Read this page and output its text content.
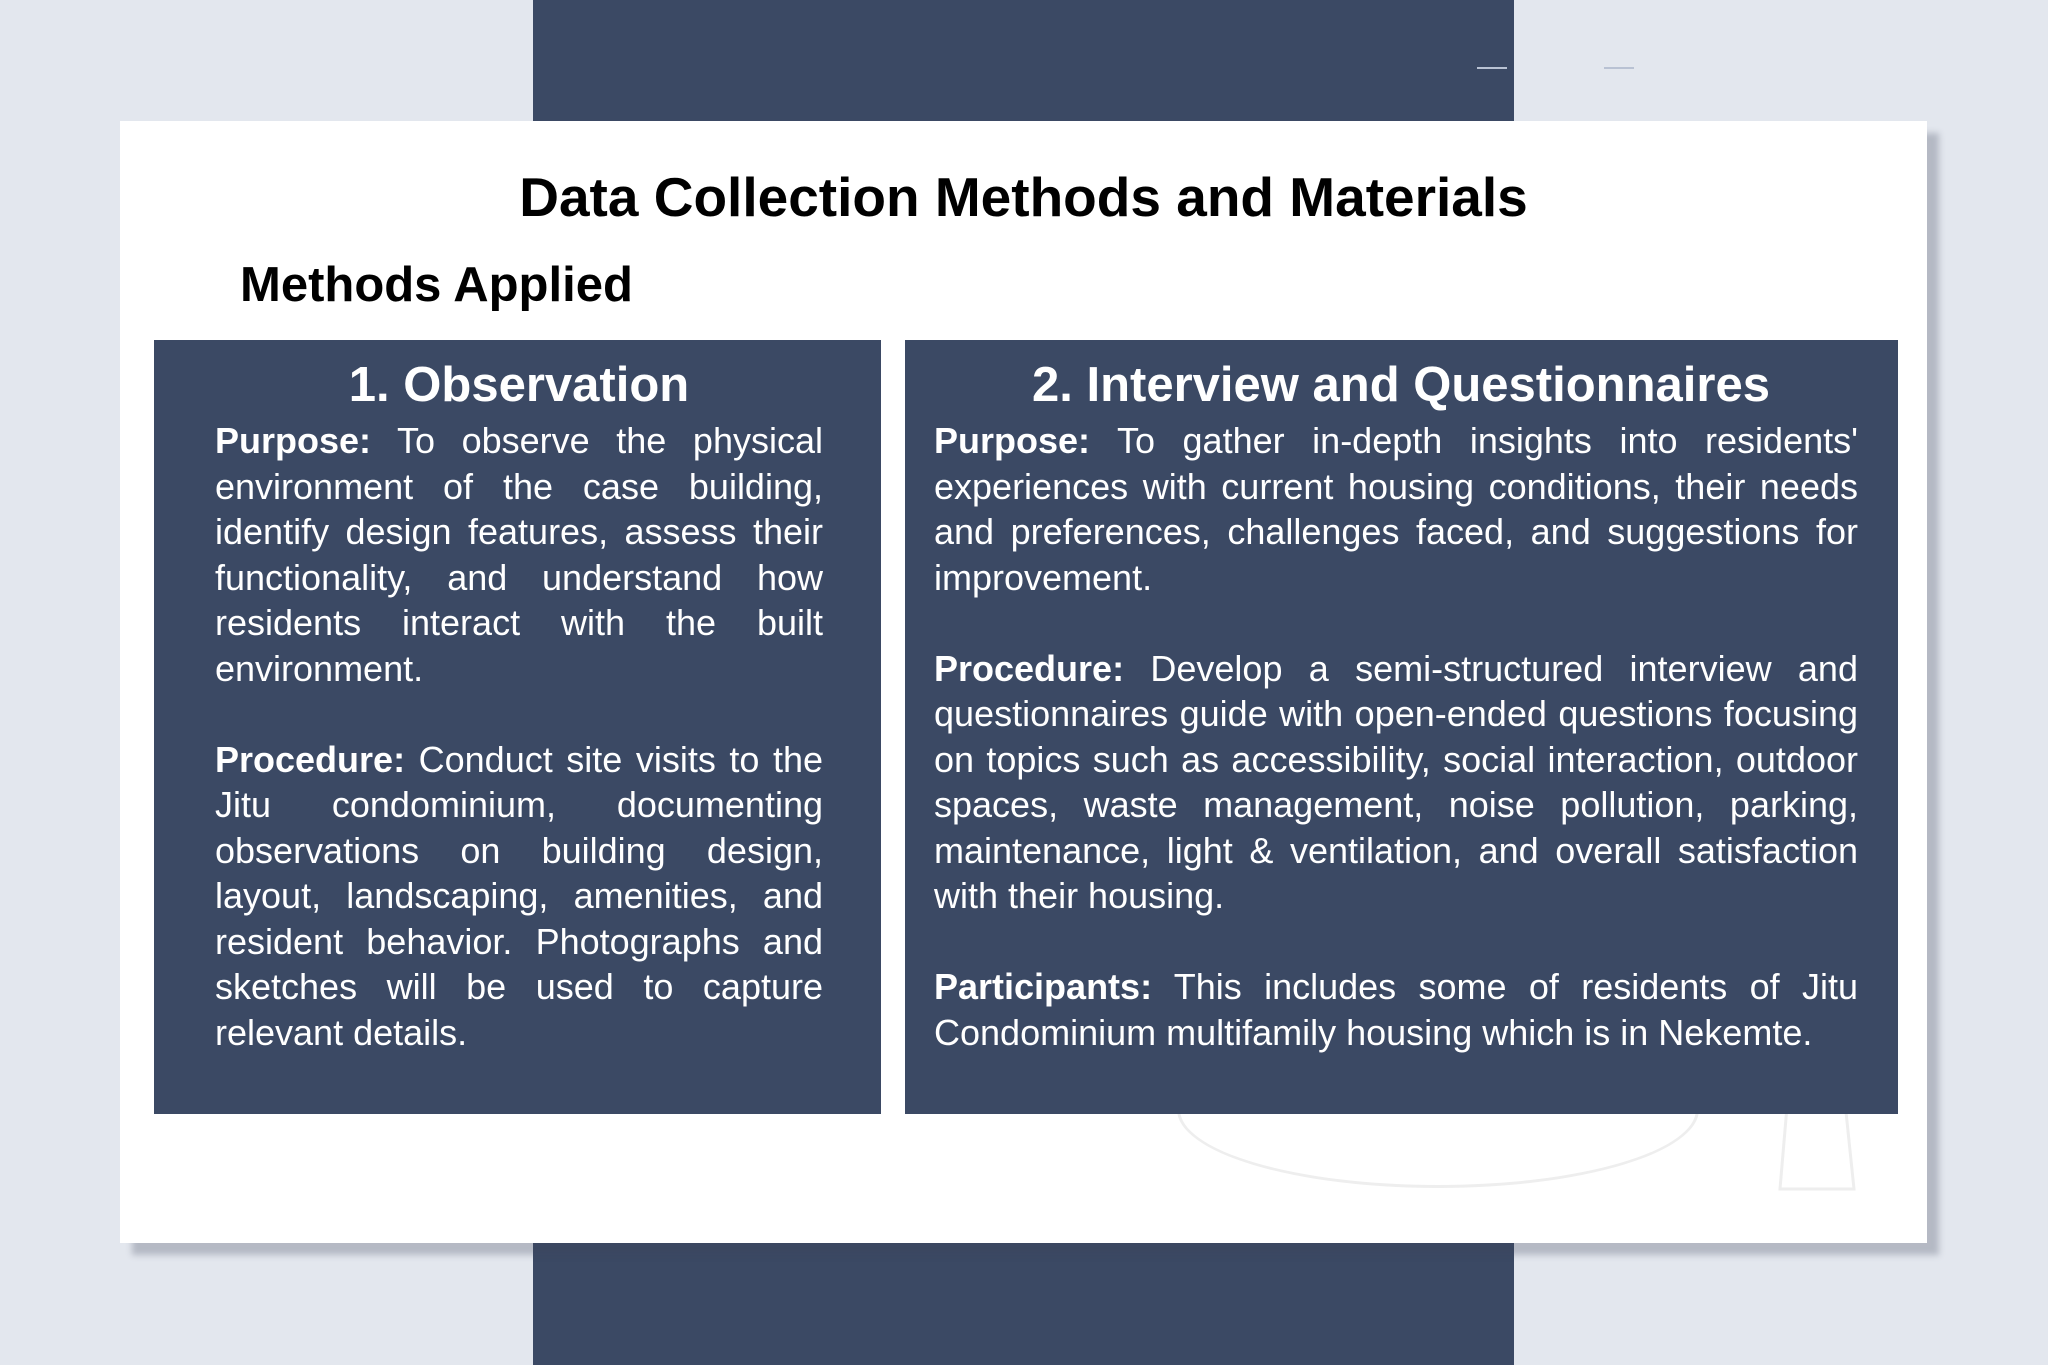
Data Collection Methods and Materials
Methods Applied
1. Observation

Purpose: To observe the physical environment of the case building, identify design features, assess their functionality, and understand how residents interact with the built environment.

Procedure: Conduct site visits to the Jitu condominium, documenting observations on building design, layout, landscaping, amenities, and resident behavior. Photographs and sketches will be used to capture relevant details.

2. Interview and Questionnaires

Purpose: To gather in-depth insights into residents' experiences with current housing conditions, their needs and preferences, challenges faced, and suggestions for improvement.

Procedure: Develop a semi-structured interview and questionnaires guide with open-ended questions focusing on topics such as accessibility, social interaction, outdoor spaces, waste management, noise pollution, parking, maintenance, light & ventilation, and overall satisfaction with their housing.

Participants: This includes some of residents of Jitu Condominium multifamily housing which is in Nekemte.
